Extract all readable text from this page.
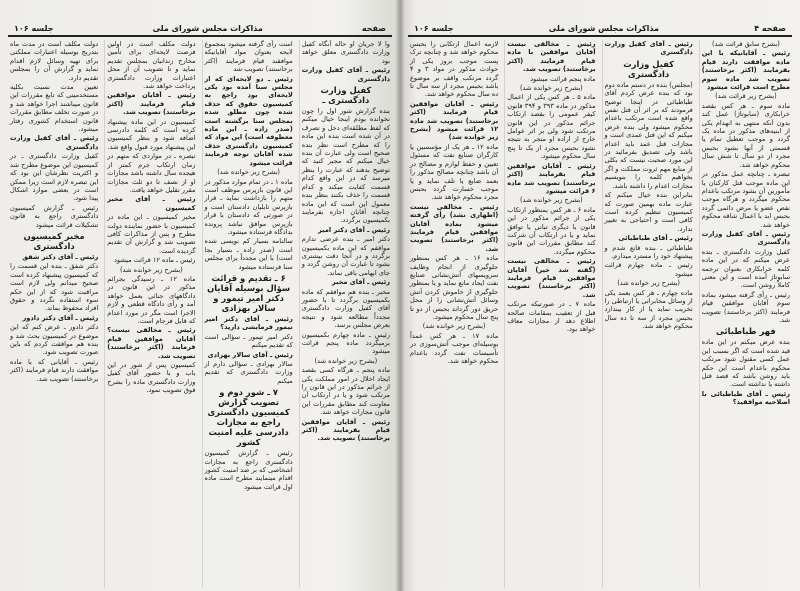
صفحه
مذاکرات مجلس شورای ملی
جلسه ۱۰۶

وا لا جریان او حاله آنگاه کفیل وزارت دادگستری معلق خواهد بود

رئیس ـ آقای کفیل وزارت دادگستری

کفیل وزارت دادگستری ـ

بنده گزارش شور اول را چون نخوانده بودم اینجا خیال میکنم که لفظ مطلقه‌ای دخل و تصرف در آن شده است بنده این ماده را که مطرح است نظر بنده صحیح است ولی عبارت آن بنده خیال میکنم که مجبر کنید که توضیح بدهند که عبارت را بنظر میرسد که در این واقع کدام قسمت کفایت میکند و کدام قسمت را حذف بکنند بنظر بنده معمول این است که این ماده چنانچه آقایان اجازه بفرمایند بکمیسیون برگردد.

رئیس ـ آقای دکتر امیر

دکتر امیر ـ بنده عرضی ندارم موافقم که این ماده بکمیسیون برگردد و در آنجا دقت بیشتری بشود تا عبارت آن روشن گردد و جای ابهامی باقی نماند.

رئیس ـ آقای مخبر

مخبر ـ بنده هم موافقم که ماده بکمیسیون برگردد تا با حضور آقای کفیل وزارت دادگستری مجدداً مطالعه شود و نتیجه بعرض مجلس برسد.

رئیس ـ ماده چهارم بکمیسیون برمیگردد ماده پنجم قرائت میشود

(بشرح زیر خوانده شد)

ماده پنجم ـ هرگاه کسی بقصد ایجاد اخلال در امور مملکت یکی از جرائم مذکور در این قانون را مرتکب شود و یا در ارتکاب آن معاونت کند مطابق مقررات این قانون مجازات خواهد شد.

رئیس ـ آقایان موافقین قیام بفرمایند (اکثر برخاستند) تصویب شد.

است رأی گرفته میشود بمجموع لایحه بعنوان مواد آقایانیکه موافقند قیام فرمایند (اکثر برخاستند) تصویب شد

رئیس ـ دو لایحه‌ای که از مجلس سنا آمده بود یکی لایحه‌ای بود راجع به کمیسیون حقوق که حذف شده چون مطلق شده بمجلس سنا برگشته است (صدر زاده ـ این ماده معطوفه است) این مواد که کمیسیون دادگستری حذف شده آقایان توجه فرمایند قرائت میشود

(بشرح زیر خوانده شد)

ماده ۱ ـ در تمام موارد مذکور در این قانون بازپرس موظف است متهم را بازداشت نماید ـ قرار بازپرس تابلیان دادستان است و در صورتی که دادستان با قرار بازپرس موافق نباشد پرونده بدادگاه فرستاده میشود.

سالنامه بسیار کم نویسی شده است (صدر زاده ـ بسیار بجا است) با این مجدداً برای مجلس سنا فرستاده میشود

۶ ـ تقدیم و قرائت سؤال بوسیله آقایان دکتر امیر تیمور و سالار بهزادی

رئیس ـ آقای دکتر امیر تیمور فرمایشی دارید؟

دکتر امیر تیمور ـ سؤالی است که تقدیم میکنم

رئیس ـ آقای سالار بهزادی

سالار بهزادی ـ سؤالی دارم از وزارت دادگستری که تقدیم میکنم

۷ ـ شور دوم و تصویب گزارش کمیسیون دادگستری راجع به مجازات دادرسی علیه امنیت کشور

رئیس ـ گزارش کمیسیون دادگستری راجع به مجازات اشخاصی که بر ضد امنیت کشور اقدام مینمایند مطرح است ماده اول قرائت میشود

دولت مکلف است در اولین فرصت لایحه‌ای برای تأمین مخارج زندانیان بمجلس تقدیم نماید و تا تصویب آن از محل اعتبارات وزارت دادگستری پرداخت خواهد شد.

رئیس ـ آقایان موافقین قیام فرمایند (اکثر برخاستند) تصویب شد.

کمیسیون در این ماده پیشنهاد کرده است که کلمه دادرسی اضافه شود و بنظر کمیسیون این پیشنهاد مورد قبول واقع شد.

تبصره ـ در مواردی که متهم در زمان ارتکاب جرم کمتر از هیجده سال داشته باشد مجازات او از نصف تا دو ثلث مجازات مقرر تقلیل خواهد یافت.

رئیس ـ آقای مخبر کمیسیون

مخبر کمیسیون ـ این ماده در کمیسیون با حضور نماینده دولت مطرح و پس از مذاکرات کافی تصویب شد و گزارش آن تقدیم گردیده است.

رئیس ـ ماده ۱۲ قرائت میشود

(بشرح زیر خوانده شد)

ماده ۱۲ ـ رسیدگی بجرائم مذکور در این قانون در دادگاههای جنائی بعمل خواهد آمد و رأی دادگاه قطعی و لازم الاجرا است مگر در مورد اعدام که قابل فرجام است.

رئیس ـ مخالفی نیست؟ آقایان موافقین قیام فرمایند (اکثر برخاستند) تصویب شد.

کمیسیون پس از شور در این باب و با حضور آقای کفیل وزارت دادگستری ماده را بشرح فوق تصویب نمود.

دولت مکلف است در مدت ماه بتدریج بوسیله اعتبارات مملکتی برای تهیه وسائل لازم اقدام نماید و گزارش آن را بمجلس تقدیم دارد.

تعیین مدت نسبت بکلیه مستخدمینی که تابع مقررات این قانون میباشند اجرا خواهد شد و در صورت تخلف مطابق مقررات قانون استخدام کشوری رفتار میشود.

رئیس ـ آقای کفیل وزارت دادگستری

کفیل وزارت دادگستری ـ در کمیسیون این موضوع مطرح شد و اکثریت نظرشان این بود که این تبصره لازم است زیرا ممکن است در بعضی موارد اشکال پیدا شود.

رئیس ـ گزارش کمیسیون دادگستری راجع به قانون تشکیلات قرائت میشود

مخبر کمیسیون دادگستری

رئیس ـ آقای دکتر شفق

دکتر شفق ـ بنده این قسمت را که کمیسیون پیشنهاد کرده است صحیح میدانم ولی لازم است مراقبت شود که از این حکم سوء استفاده نگردد و حقوق افراد محفوظ بماند.

رئیس ـ آقای دکتر دادور

دکتر دادور ـ عرض کنم که این موضوع در کمیسیون بحث شد و بنده هم موافقت کردم که باین صورت تصویب شود.

رئیس ـ آقایانی که با ماده موافقت دارند قیام فرمایند (اکثر برخاستند) تصویب شد.

صفحه ۴
مذاکرات مجلس شورای ملی
جلسه ۱۰۶

(بشرح سابق قرائت شد)

رئیس ـ آقایانیکه با این ماده موافقت دارند قیام بفرمایند (اکثر برخاستند) تصویب شد ماده سوم مطرح است قرائت میشود

(بشرح زیر قرائت شد)

ماده سوم ـ هر کس بقصد خرابکاری (سابوتاژ) عمل کند بدون آنکه منتهی به انهدام یکی از ابنیه‌های مذکور در ماده یک گردد و موجب تعطیل تمام یا قسمتی از آنها بشود بحبس مجرد از دو سال تا شش سال محکوم خواهد شد.

تبصره ـ چنانچه عمل مذکور در این ماده موجب قتل کارکنان یا مأمورین آن بشود مرتکب باعدام محکوم میگردد و هرگاه موجب نقص عضو یا مرض دائمی گردد بحبس ابد با اعمال شاقه محکوم خواهد شد.

رئیس ـ آقای کفیل وزارت دادگستری

کفیل وزارت دادگستری ـ بنده عرض میکنم که در این ماده کلمه خرابکاری بعنوان ترجمه سابوتاژ آمده است و این معنی کاملاً روشن است.

رئیس ـ رأی گرفته میشود بماده سوم آقایان موافقین قیام فرمایند (اکثر برخاستند) تصویب شد.

فهر طباطبائی

بنده عرض میکنم در این ماده قید شده است که اگر بسبب این عمل کسی مقتول شود مرتکب محکوم باعدام است این حکم باید روشن باشد که قصد قتل داشته یا نداشته است.

رئیس ـ آقای طباطبائی با اصلاحیه موافقید؟

رئیس ـ آقای کفیل وزارت دادگستری

کفیل وزارت دادگستری

(مجلس) بنده در دستم ماده دوم بود که بنده عرض کردم آقای طباطبائی در اینجا توضیح فرمودند که بر اثر آن قتل نفس واقع شده است مرتکب باعدام محکوم میشود ولی بنده عرض میکنم که این قتل عمدی است و مجازات قتل عمد باید اعدام باشد ولی تصدیق بفرمائید در این مورد صحبت نیست که بکلی از منابع مهم ثروت مملکت و اگر بخواهیم کلمه را بنویسیم مجازات اعدام را داشته باشد.

بنابراین بنده خیال میکنم که عبارت ماده بهمین صورت که کمیسیون تنظیم کرده است کافی است و احتیاجی به تغییر ندارد.

رئیس ـ آقای طباطبائی

طباطبائی ـ بنده قانع شدم و پیشنهاد خود را مسترد میدارم.

رئیس ـ ماده چهارم قرائت میشود

(بشرح زیر خوانده شد)

ماده چهارم ـ هر کس بعمد یکی از وسائل مخابراتی یا ارتباطی را تخریب نماید یا از کار بیندازد بحبس مجرد از سه تا ده سال محکوم خواهد شد.

رئیس ـ مخالفی نیست آقایان موافقین با ماده قیام فرمایند (اکثر برخاستند) تصویب شد.

ماده پنجم قرائت میشود

(بشرح زیر خوانده شد)

ماده ۵ ـ هر کس یکی از اعمال مذکور در ماده ۳۹۳ و ۳۹۴ قانون کیفر عمومی را بقصد ارتکاب جرائم مذکور در این قانون مرتکب شود ولی بر اثر عوامل خارج از اراده او منجر به نتیجه نشود بحبس مجرد از یک تا پنج سال محکوم میشود.

رئیس ـ آقایان موافقین قیام بفرمایند (اکثر برخاستند) تصویب شد ماده ۶ قرائت میشود

(بشرح زیر خوانده شد)

ماده ۶ ـ هر کس بمنظور ارتکاب یکی از جرائم مذکور در این قانون با دیگری تبانی یا توافق نماید و یا در ارتکاب آن شرکت کند مطابق مقررات این قانون محکوم میگردد.

رئیس ـ مخالفی نیست (گفته شد خیر) آقایان موافقین قیام فرمایند (اکثر برخاستند) تصویب شد.

ماده ۷ ـ در صورتیکه مرتکب قبل از تعقیب بمقامات صالحه اطلاع دهد از مجازات معاف خواهد بود.

لازمه اعمال ارتکابی را بحبس محکوم خواهد شد و چنانچه ترک پست موجب بروز یکی از حوادث مذکور در مواد ۳ و ۴ گردد مرتکب واقف بر موضوع باشد بحبس مجرد از سه سال تا ده سال محکوم خواهد شد.

رئیس ـ آقایان موافقین قیام فرمایند (اکثر برخاستند) تصویب شد ماده ۱۲ قرائت میشود (بشرح زیر خوانده شد)

ماده ۱۲ ـ هر یک از مؤسسین یا کارگران صنایع نفت که مسئول تعیین و حفظ لوازم و مصالح در آن باشد چنانچه مصالح مذکور را بعمد ضایع یا تلف نماید و یا موجب خسارت گردد بحبس مجرد محکوم خواهد شد.

رئیس ـ مخالفی نیست (اظهاری نشد) رأی گرفته میشود بماده آقایان موافقین قیام فرمایند (اکثر برخاستند) تصویب شد.

ماده ۱۶ ـ هر کس بمنظور جلوگیری از انجام وظایف سرویسهای آتش‌نشانی صنایع نفت ایجاد مانع نماید و یا بمنظور جلوگیری از خاموش کردن آتش وسائل آتش‌نشانی را از محل حریق دور گرداند بحبس از دو تا پنج سال محکوم میشود.

(بشرح زیر خوانده شد)

ماده ۱۷ ـ هر کس عمداً بوسیله‌ای موجب آتش‌سوزی در تأسیسات نفت گردد باعدام محکوم خواهد شد.
